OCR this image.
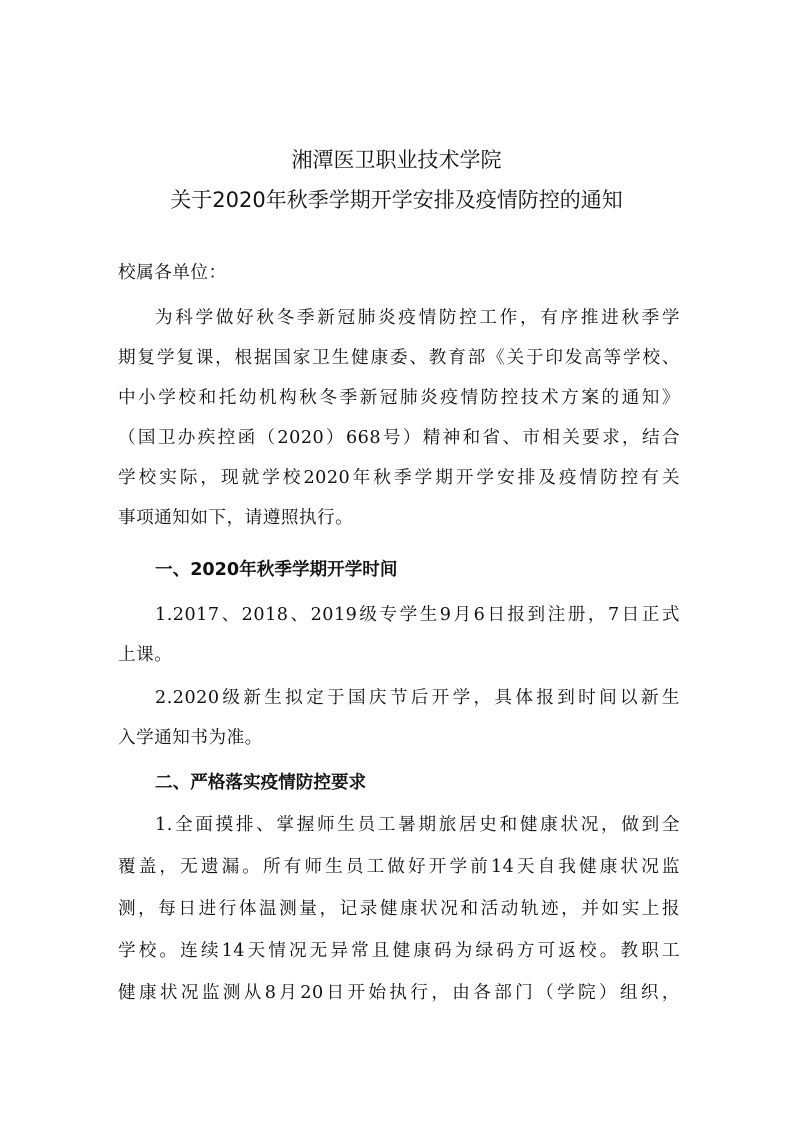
湘潭医卫职业技术学院
关于2020年秋季学期开学安排及疫情防控的通知
校属各单位：
为科学做好秋冬季新冠肺炎疫情防控工作，有序推进秋季学
期复学复课，根据国家卫生健康委、教育部《关于印发高等学校、
中小学校和托幼机构秋冬季新冠肺炎疫情防控技术方案的通知》
（国卫办疾控函（2020）668号）精神和省、市相关要求，结合
学校实际，现就学校2020年秋季学期开学安排及疫情防控有关
事项通知如下，请遵照执行。
一、2020年秋季学期开学时间
1.2017、2018、2019级专学生9月6日报到注册，7日正式
上课。
2.2020级新生拟定于国庆节后开学，具体报到时间以新生
入学通知书为准。
二、严格落实疫情防控要求
1.全面摸排、掌握师生员工暑期旅居史和健康状况，做到全
覆盖，无遗漏。所有师生员工做好开学前14天自我健康状况监
测，每日进行体温测量，记录健康状况和活动轨迹，并如实上报
学校。连续14天情况无异常且健康码为绿码方可返校。教职工
健康状况监测从8月20日开始执行，由各部门（学院）组织，
